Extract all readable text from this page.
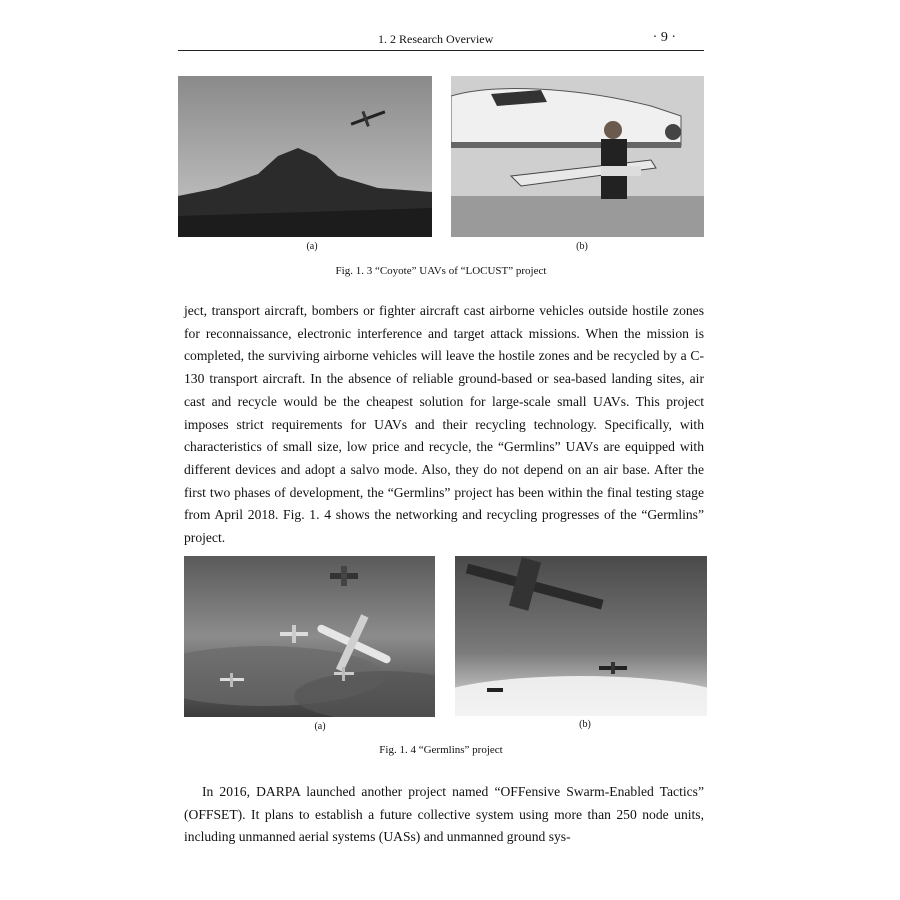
1. 2 Research Overview	· 9 ·
(a)	(b)
Fig. 1. 3 “Coyote” UAVs of “LOCUST” project

ject, transport aircraft, bombers or fighter aircraft cast airborne vehicles outside hostile zones for reconnaissance, electronic interference and target attack missions. When the mission is completed, the surviving airborne vehicles will leave the hostile zones and be recycled by a C-130 transport aircraft. In the absence of reliable ground-based or sea-based landing sites, air cast and recycle would be the cheapest solution for large-scale small UAVs. This project imposes strict requirements for UAVs and their recycling technology. Specifically, with characteristics of small size, low price and recycle, the “Germlins” UAVs are equipped with different devices and adopt a salvo mode. Also, they do not depend on an air base. After the first two phases of development, the “Germlins” project has been within the final testing stage from April 2018. Fig. 1. 4 shows the networking and recycling progresses of the “Germlins” project.

(a)	(b)
Fig. 1. 4 “Germlins” project

In 2016, DARPA launched another project named “OFFensive Swarm-Enabled Tactics” (OFFSET). It plans to establish a future collective system using more than 250 node units, including unmanned aerial systems (UASs) and unmanned ground sys-
